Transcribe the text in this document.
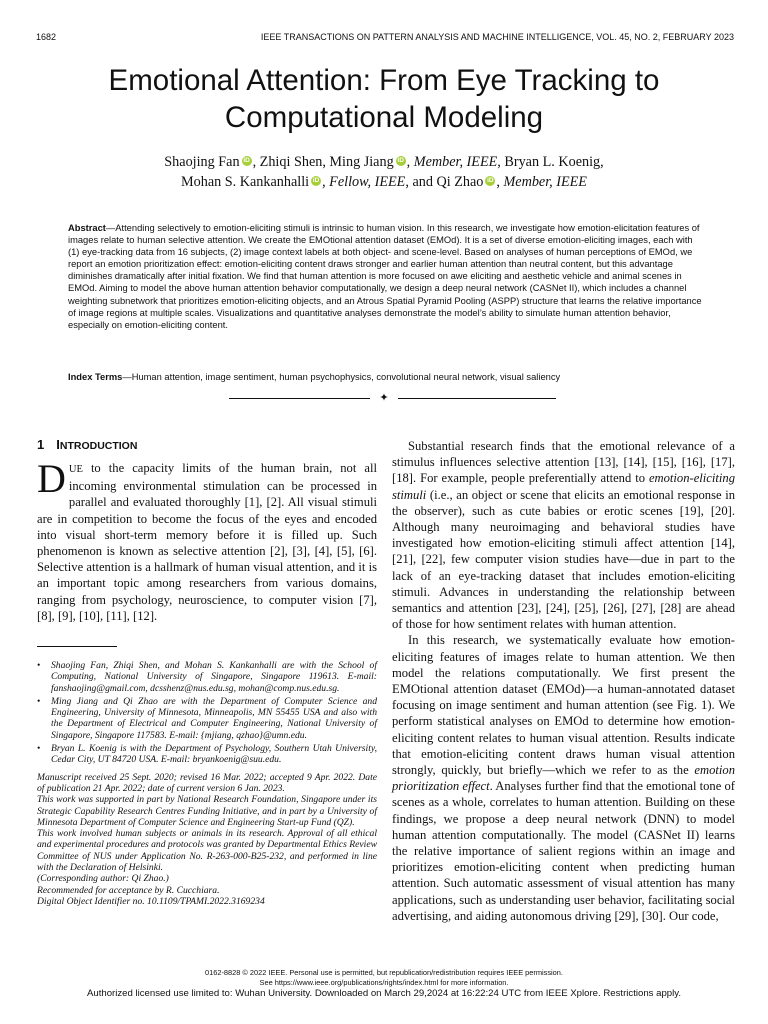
1682	IEEE TRANSACTIONS ON PATTERN ANALYSIS AND MACHINE INTELLIGENCE, VOL. 45, NO. 2, FEBRUARY 2023
Emotional Attention: From Eye Tracking to
Computational Modeling
Shaojing Fan iD , Zhiqi Shen, Ming Jiang iD , Member, IEEE, Bryan L. Koenig,
Mohan S. Kankanhalli iD , Fellow, IEEE, and Qi Zhao iD , Member, IEEE
Abstract—Attending selectively to emotion-eliciting stimuli is intrinsic to human vision. In this research, we investigate how emotion-elicitation features of images relate to human selective attention. We create the EMOtional attention dataset (EMOd). It is a set of diverse emotion-eliciting images, each with (1) eye-tracking data from 16 subjects, (2) image context labels at both object- and scene-level. Based on analyses of human perceptions of EMOd, we report an emotion prioritization effect: emotion-eliciting content draws stronger and earlier human attention than neutral content, but this advantage diminishes dramatically after initial fixation. We find that human attention is more focused on awe eliciting and aesthetic vehicle and animal scenes in EMOd. Aiming to model the above human attention behavior computationally, we design a deep neural network (CASNet II), which includes a channel weighting subnetwork that prioritizes emotion-eliciting objects, and an Atrous Spatial Pyramid Pooling (ASPP) structure that learns the relative importance of image regions at multiple scales. Visualizations and quantitative analyses demonstrate the model’s ability to simulate human attention behavior, especially on emotion-eliciting content.
Index Terms—Human attention, image sentiment, human psychophysics, convolutional neural network, visual saliency
✦
1 INTRODUCTION
DUE to the capacity limits of the human brain, not all incoming environmental stimulation can be processed in parallel and evaluated thoroughly [1], [2]. All visual stimuli are in competition to become the focus of the eyes and encoded into visual short-term memory before it is filled up. Such phenomenon is known as selective attention [2], [3], [4], [5], [6]. Selective attention is a hallmark of human visual attention, and it is an important topic among researchers from various domains, ranging from psychology, neuroscience, to computer vision [7], [8], [9], [10], [11], [12].
• Shaojing Fan, Zhiqi Shen, and Mohan S. Kankanhalli are with the School of Computing, National University of Singapore, Singapore 119613. E-mail: fanshaojing@gmail.com, dcsshenz@nus.edu.sg, mohan@comp.nus.edu.sg.
• Ming Jiang and Qi Zhao are with the Department of Computer Science and Engineering, University of Minnesota, Minneapolis, MN 55455 USA and also with the Department of Electrical and Computer Engineering, National University of Singapore, Singapore 117583. E-mail: {mjiang, qzhao}@umn.edu.
• Bryan L. Koenig is with the Department of Psychology, Southern Utah University, Cedar City, UT 84720 USA. E-mail: bryankoenig@suu.edu.
Manuscript received 25 Sept. 2020; revised 16 Mar. 2022; accepted 9 Apr. 2022. Date of publication 21 Apr. 2022; date of current version 6 Jan. 2023.
This work was supported in part by National Research Foundation, Singapore under its Strategic Capability Research Centres Funding Initiative, and in part by a University of Minnesota Department of Computer Science and Engineering Start-up Fund (QZ).
This work involved human subjects or animals in its research. Approval of all ethical and experimental procedures and protocols was granted by Departmental Ethics Review Committee of NUS under Application No. R-263-000-B25-232, and performed in line with the Declaration of Helsinki.
(Corresponding author: Qi Zhao.)
Recommended for acceptance by R. Cucchiara.
Digital Object Identifier no. 10.1109/TPAMI.2022.3169234

Substantial research finds that the emotional relevance of a stimulus influences selective attention [13], [14], [15], [16], [17], [18]. For example, people preferentially attend to emotion-eliciting stimuli (i.e., an object or scene that elicits an emotional response in the observer), such as cute babies or erotic scenes [19], [20]. Although many neuroimaging and behavioral studies have investigated how emotion-eliciting stimuli affect attention [14], [21], [22], few computer vision studies have—due in part to the lack of an eye-tracking dataset that includes emotion-eliciting stimuli. Advances in understanding the relationship between semantics and attention [23], [24], [25], [26], [27], [28] are ahead of those for how sentiment relates with human attention.

In this research, we systematically evaluate how emotion-eliciting features of images relate to human attention. We then model the relations computationally. We first present the EMOtional attention dataset (EMOd)—a human-annotated dataset focusing on image sentiment and human attention (see Fig. 1). We perform statistical analyses on EMOd to determine how emotion-eliciting content relates to human visual attention. Results indicate that emotion-eliciting content draws human visual attention strongly, quickly, but briefly—which we refer to as the emotion prioritization effect. Analyses further find that the emotional tone of scenes as a whole, correlates to human attention. Building on these findings, we propose a deep neural network (DNN) to model human attention computationally. The model (CASNet II) learns the relative importance of salient regions within an image and prioritizes emotion-eliciting content when predicting human attention. Such automatic assessment of visual attention has many applications, such as understanding user behavior, facilitating social advertising, and aiding autonomous driving [29], [30]. Our code,

0162-8828 © 2022 IEEE. Personal use is permitted, but republication/redistribution requires IEEE permission.
See https://www.ieee.org/publications/rights/index.html for more information.
Authorized licensed use limited to: Wuhan University. Downloaded on March 29,2024 at 16:22:24 UTC from IEEE Xplore. Restrictions apply.
